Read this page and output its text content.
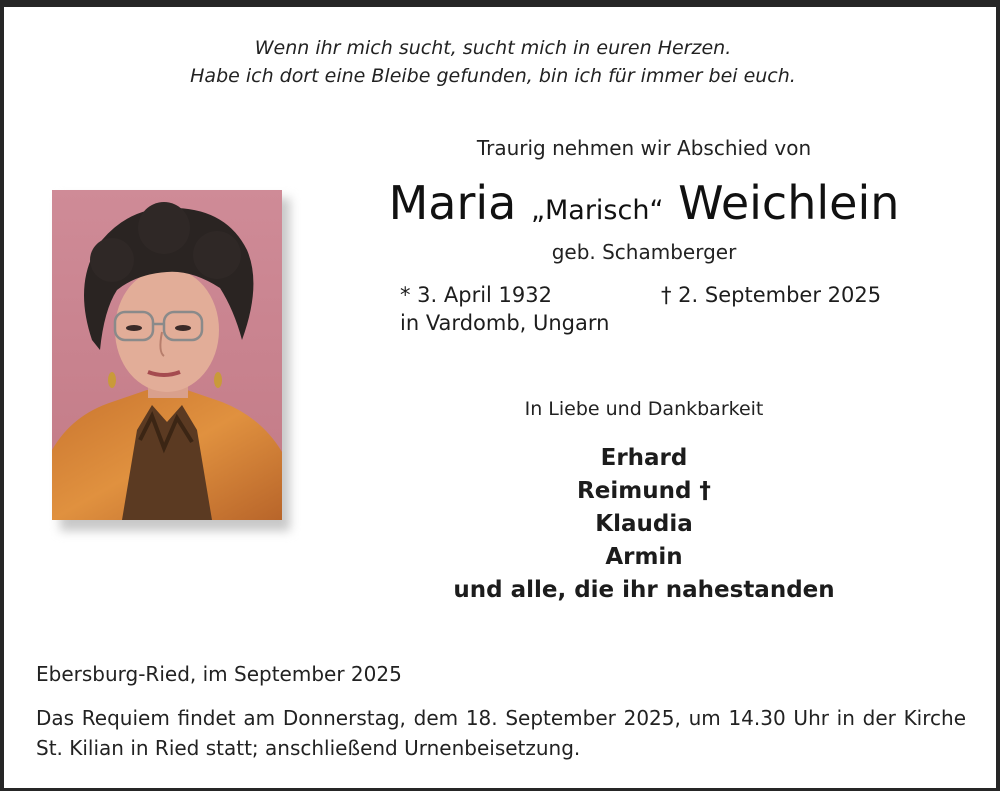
Wenn ihr mich sucht, sucht mich in euren Herzen.
Habe ich dort eine Bleibe gefunden, bin ich für immer bei euch.
Traurig nehmen wir Abschied von
Maria „Marisch“ Weichlein
geb. Schamberger
* 3. April 1932
in Vardomb, Ungarn
† 2. September 2025
In Liebe und Dankbarkeit
Erhard
Reimund †
Klaudia
Armin
und alle, die ihr nahestanden
Ebersburg-Ried, im September 2025
Das Requiem findet am Donnerstag, dem 18. September 2025, um 14.30 Uhr in der Kirche St. Kilian in Ried statt; anschließend Urnenbeisetzung.
